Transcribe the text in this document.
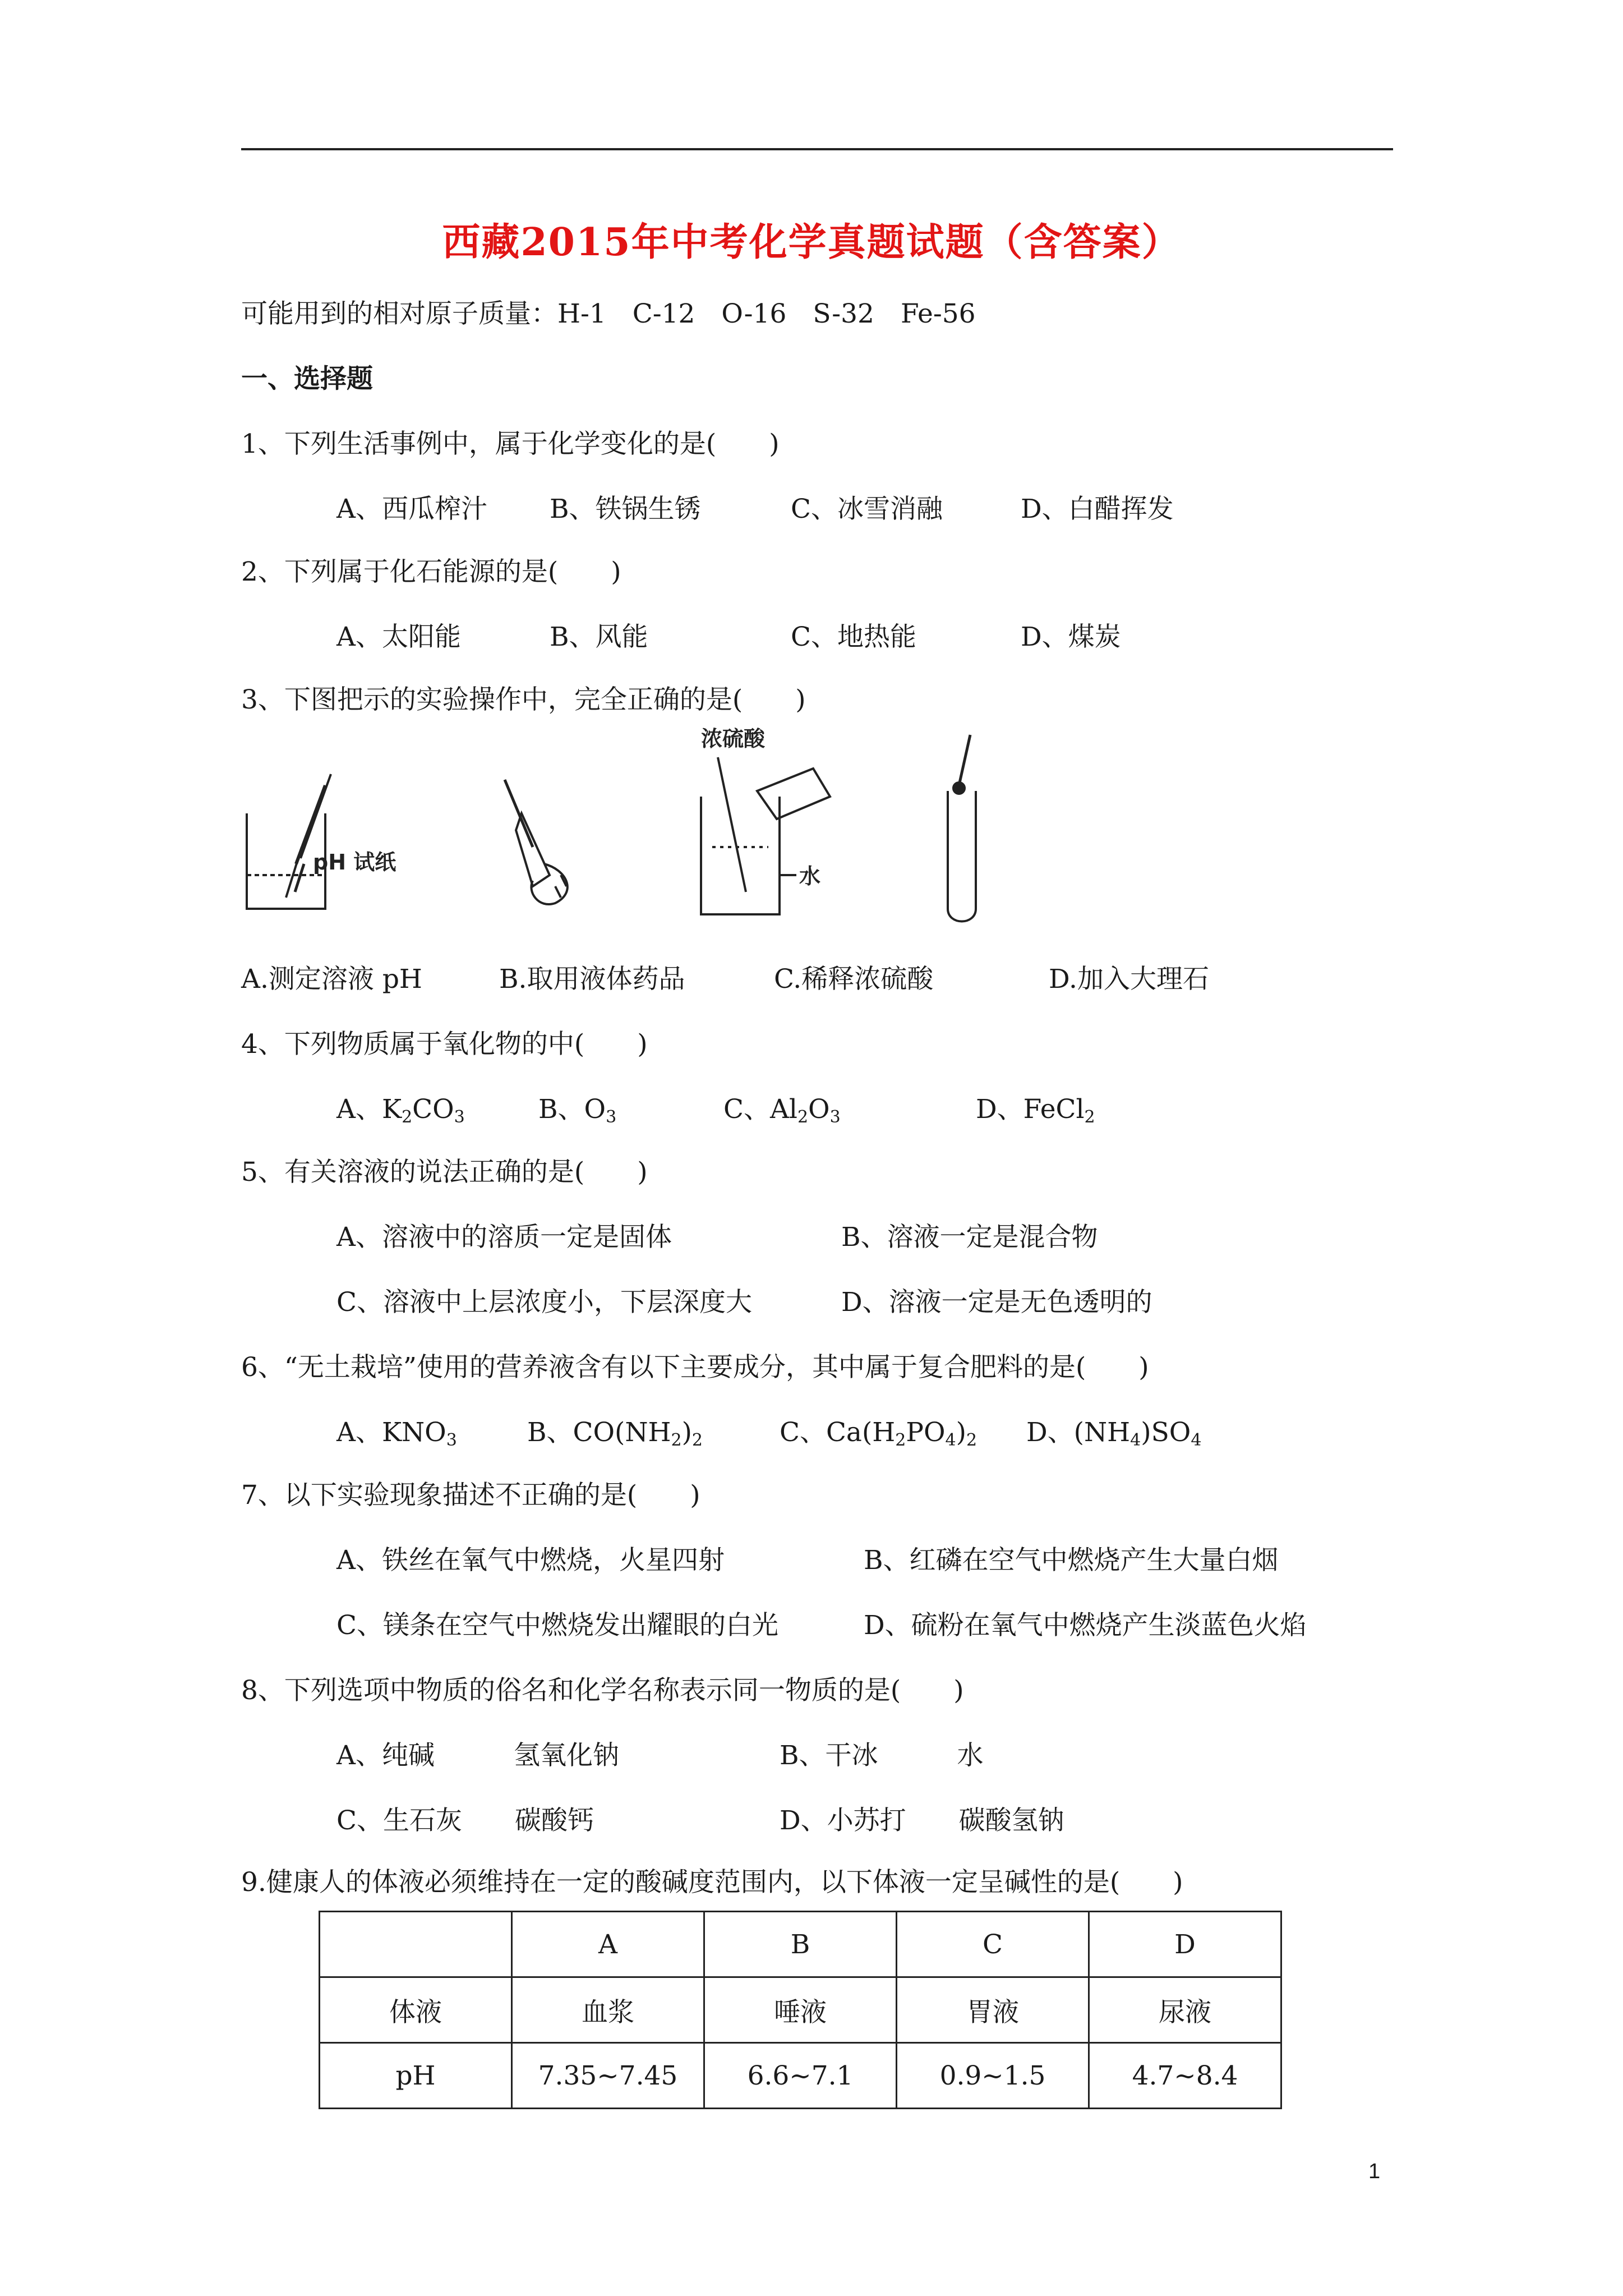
西藏2015年中考化学真题试题（含答案）
可能用到的相对原子质量：H-1　C-12　O-16　S-32　Fe-56
一、选择题
1、下列生活事例中，属于化学变化的是(　　)
A、西瓜榨汁 B、铁锅生锈	C、冰雪消融	D、白醋挥发
2、下列属于化石能源的是(　　)
A、太阳能	B、风能	C、地热能	D、煤炭
3、下图把示的实验操作中，完全正确的是(　　)
pH 试纸
浓硫酸
水
A.测定溶液 pH	B.取用液体药品	C.稀释浓硫酸	D.加入大理石
4、下列物质属于氧化物的中(　　)
A、$K_2CO_3$	B、$O_3$	C、$Al_2O_3$	D、FeCl$_2$
5、有关溶液的说法正确的是(　　)
A、溶液中的溶质一定是固体	B、溶液一定是混合物
C、溶液中上层浓度小，下层深度大	D、溶液一定是无色透明的
6、“无土栽培”使用的营养液含有以下主要成分，其中属于复合肥料的是(　　)
A、$KNO_3$	B、$CO(NH_2)_2$	C、$Ca(H_2PO_4)_2$ D、$(NH_4)SO_4$
7、以下实验现象描述不正确的是(　　)
A、铁丝在氧气中燃烧，火星四射	B、红磷在空气中燃烧产生大量白烟
C、镁条在空气中燃烧发出耀眼的白光	D、硫粉在氧气中燃烧产生淡蓝色火焰
8、下列选项中物质的俗名和化学名称表示同一物质的是(　　)
A、纯碱　　　氢氧化钠	B、干冰　　　水
C、生石灰　　碳酸钙	D、小苏打　　碳酸氢钠
9.健康人的体液必须维持在一定的酸碱度范围内，以下体液一定呈碱性的是(　　)
	A	B	C	D
体液	血浆	唾液	胃液	尿液
pH	7.35~7.45	6.6~7.1	0.9~1.5	4.7~8.4
1
